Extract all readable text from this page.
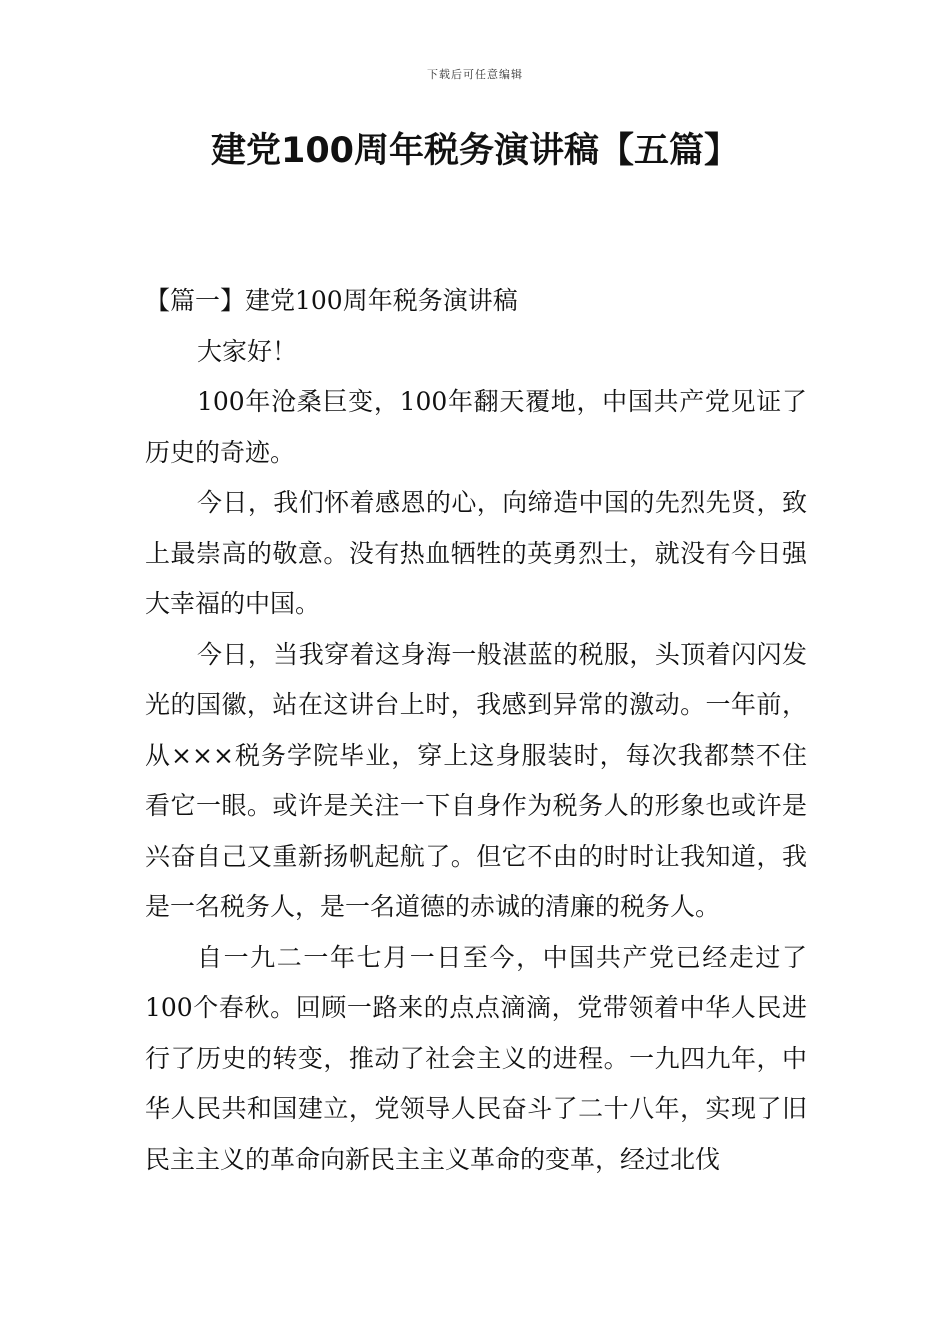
下载后可任意编辑
建党100周年税务演讲稿【五篇】
【篇一】建党100周年税务演讲稿

大家好！

100年沧桑巨变，100年翻天覆地，中国共产党见证了历史的奇迹。

今日，我们怀着感恩的心，向缔造中国的先烈先贤，致上最崇高的敬意。没有热血牺牲的英勇烈士，就没有今日强大幸福的中国。

今日，当我穿着这身海一般湛蓝的税服，头顶着闪闪发光的国徽，站在这讲台上时，我感到异常的激动。一年前，从×××税务学院毕业，穿上这身服装时，每次我都禁不住看它一眼。或许是关注一下自身作为税务人的形象也或许是兴奋自己又重新扬帆起航了。但它不由的时时让我知道，我是一名税务人，是一名道德的赤诚的清廉的税务人。

自一九二一年七月一日至今，中国共产党已经走过了100个春秋。回顾一路来的点点滴滴，党带领着中华人民进行了历史的转变，推动了社会主义的进程。一九四九年，中华人民共和国建立，党领导人民奋斗了二十八年，实现了旧民主主义的革命向新民主主义革命的变革，经过北伐
